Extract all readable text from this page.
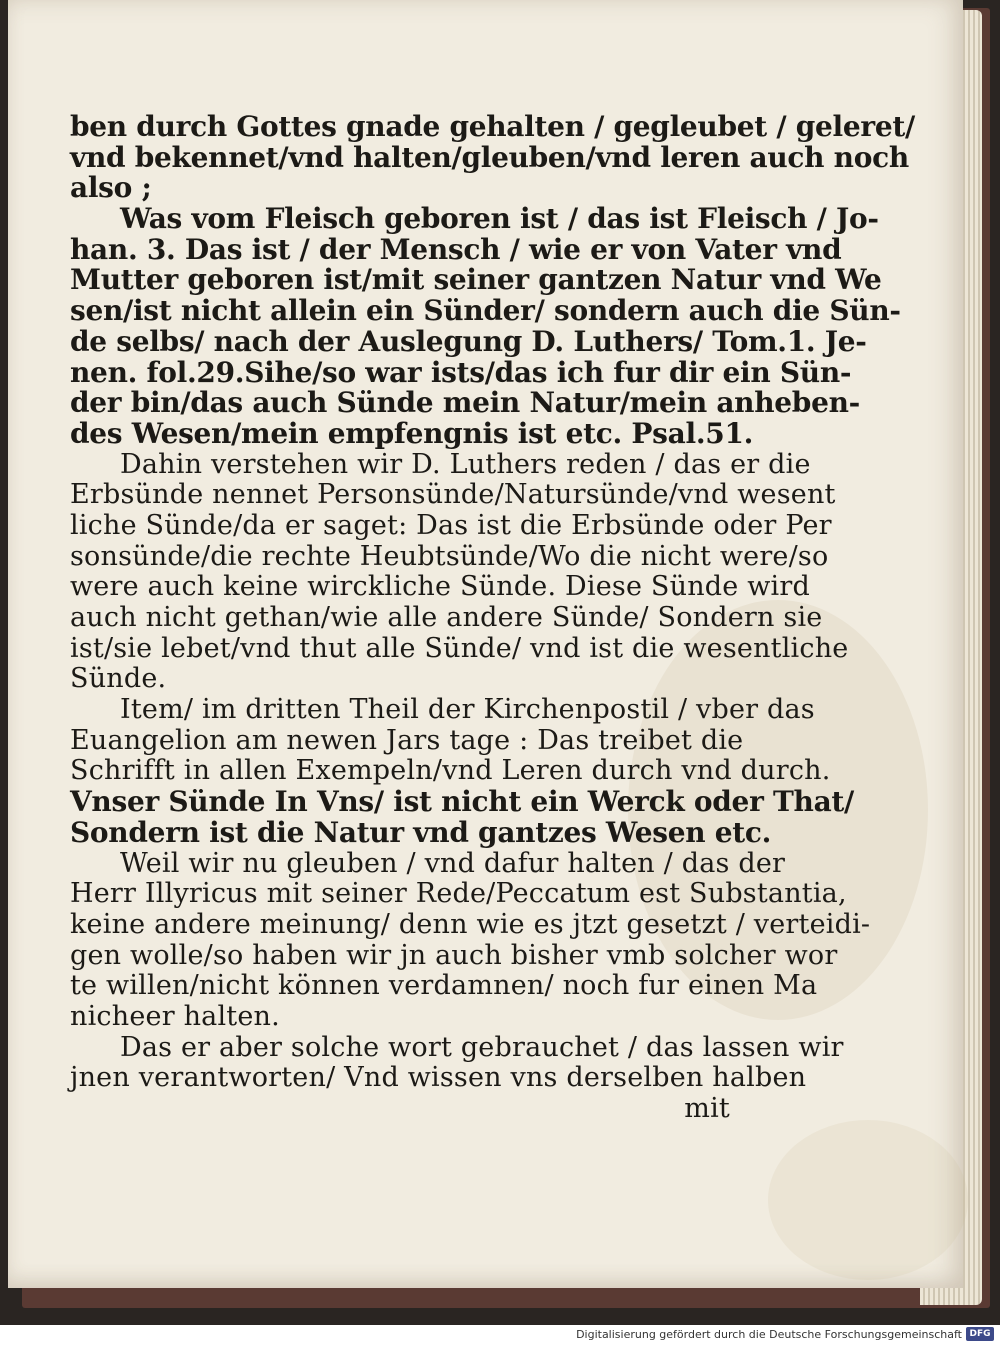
ben durch Gottes gnade gehalten / gegleubet / geleret/
vnd bekennet/vnd halten/gleuben/vnd leren auch noch
also ;
Was vom Fleisch geboren ist / das ist Fleisch / Jo-
han. 3. Das ist / der Mensch / wie er von Vater vnd
Mutter geboren ist/mit seiner gantzen Natur vnd We
sen/ist nicht allein ein Sünder/ sondern auch die Sün-
de selbs/ nach der Auslegung D. Luthers/ Tom.1. Je-
nen. fol.29.Sihe/so war ists/das ich fur dir ein Sün-
der bin/das auch Sünde mein Natur/mein anheben-
des Wesen/mein empfengnis ist etc. Psal.51.
Dahin verstehen wir D. Luthers reden / das er die
Erbsünde nennet Personsünde/Natursünde/vnd wesent
liche Sünde/da er saget: Das ist die Erbsünde oder Per
sonsünde/die rechte Heubtsünde/Wo die nicht were/so
were auch keine wirckliche Sünde. Diese Sünde wird
auch nicht gethan/wie alle andere Sünde/ Sondern sie
ist/sie lebet/vnd thut alle Sünde/ vnd ist die wesentliche
Sünde.
Item/ im dritten Theil der Kirchenpostil / vber das
Euangelion am newen Jars tage : Das treibet die
Schrifft in allen Exempeln/vnd Leren durch vnd durch.
Vnser Sünde In Vns/ ist nicht ein Werck oder That/
Sondern ist die Natur vnd gantzes Wesen etc.
Weil wir nu gleuben / vnd dafur halten / das der
Herr Illyricus mit seiner Rede/Peccatum est Substantia,
keine andere meinung/ denn wie es jtzt gesetzt / verteidi-
gen wolle/so haben wir jn auch bisher vmb solcher wor
te willen/nicht können verdamnen/ noch fur einen Ma
nicheer halten.
Das er aber solche wort gebrauchet / das lassen wir
jnen verantworten/ Vnd wissen vns derselben halben
mit
Digitalisierung gefördert durch die Deutsche Forschungsgemeinschaft DFG
